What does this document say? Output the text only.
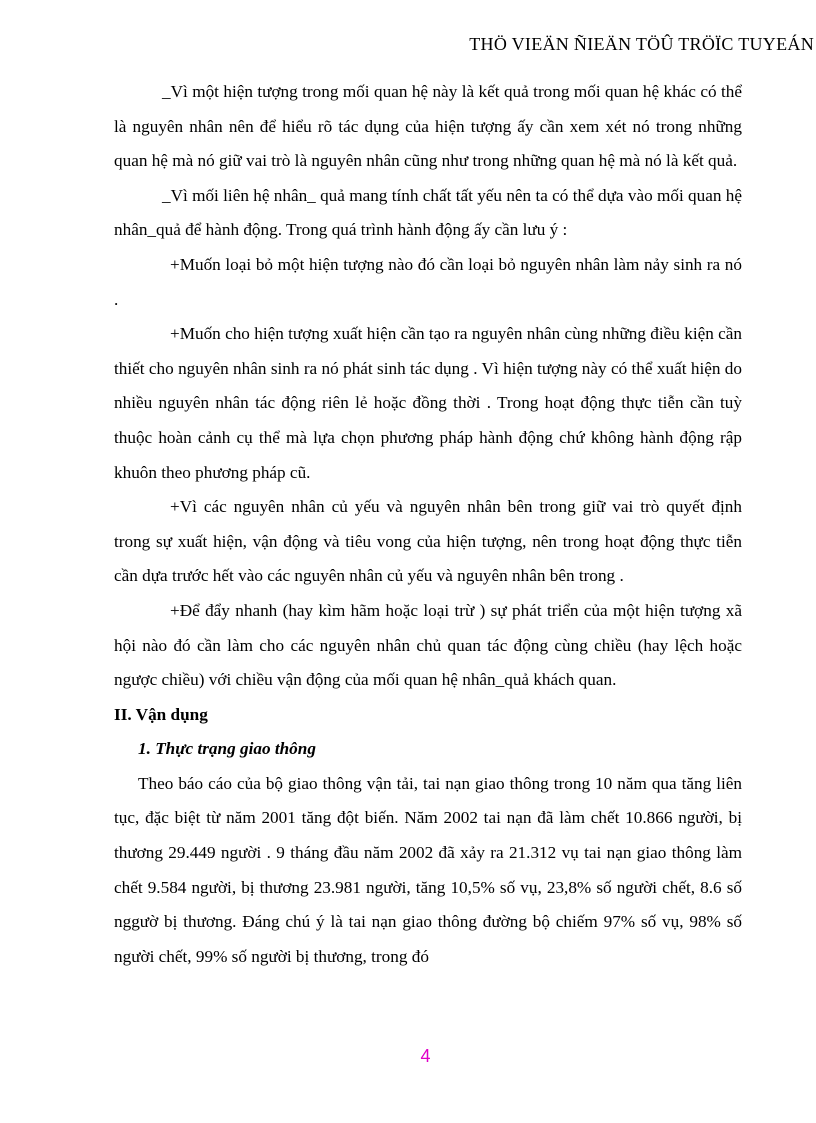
THÖ VIEÄN ÑIEÄN TÖÛ TRÖÏC TUYEÁN

_Vì một hiện tượng trong mối quan hệ này là kết quả trong mối quan hệ khác có thể là nguyên nhân nên để hiểu rõ tác dụng của hiện tượng ấy cần xem xét nó trong những quan hệ mà nó giữ vai trò là nguyên nhân cũng như trong những quan hệ mà nó là kết quả.

_Vì mối liên hệ nhân_ quả mang tính chất tất yếu nên ta có thể dựa vào mối quan hệ nhân_quả để hành động. Trong quá trình hành động ấy cần lưu ý :

+Muốn loại bỏ một hiện tượng nào đó cần loại bỏ nguyên nhân làm nảy sinh ra nó .

+Muốn cho hiện tượng xuất hiện cần tạo ra nguyên nhân cùng những điều kiện cần thiết cho nguyên nhân sinh ra nó phát sinh tác dụng . Vì hiện tượng này có thể xuất hiện do nhiều nguyên nhân tác động riên lẻ hoặc đồng thời . Trong hoạt động thực tiễn cần tuỳ thuộc hoàn cảnh cụ thể mà lựa chọn phương pháp hành động chứ không hành động rập khuôn theo phương pháp cũ.

+Vì các nguyên nhân củ yếu và nguyên nhân bên trong giữ vai trò quyết định trong sự xuất hiện, vận động và tiêu vong của hiện tượng, nên trong hoạt động thực tiễn cần dựa trước hết vào các nguyên nhân củ yếu và nguyên nhân bên trong .

+Để đẩy nhanh (hay kìm hãm hoặc loại trừ ) sự phát triển của một hiện tượng xã hội nào đó cần làm cho các nguyên nhân chủ quan tác động cùng chiều (hay lệch hoặc ngược chiều) với chiều vận động của mối quan hệ nhân_quả khách quan.

II. Vận dụng

1. Thực trạng giao thông

Theo báo cáo của bộ giao thông vận tải, tai nạn giao thông trong 10 năm qua tăng liên tục, đặc biệt từ năm 2001 tăng đột biến. Năm 2002 tai nạn đã làm chết 10.866 người, bị thương 29.449 người . 9 tháng đầu năm 2002 đã xảy ra 21.312 vụ tai nạn giao thông làm chết 9.584 người, bị thương 23.981 người, tăng 10,5% số vụ, 23,8% số người chết, 8.6 số nggườ bị thương. Đáng chú ý là tai nạn giao thông đường bộ chiếm 97% số vụ, 98% số người chết, 99% số người bị thương, trong đó

4
